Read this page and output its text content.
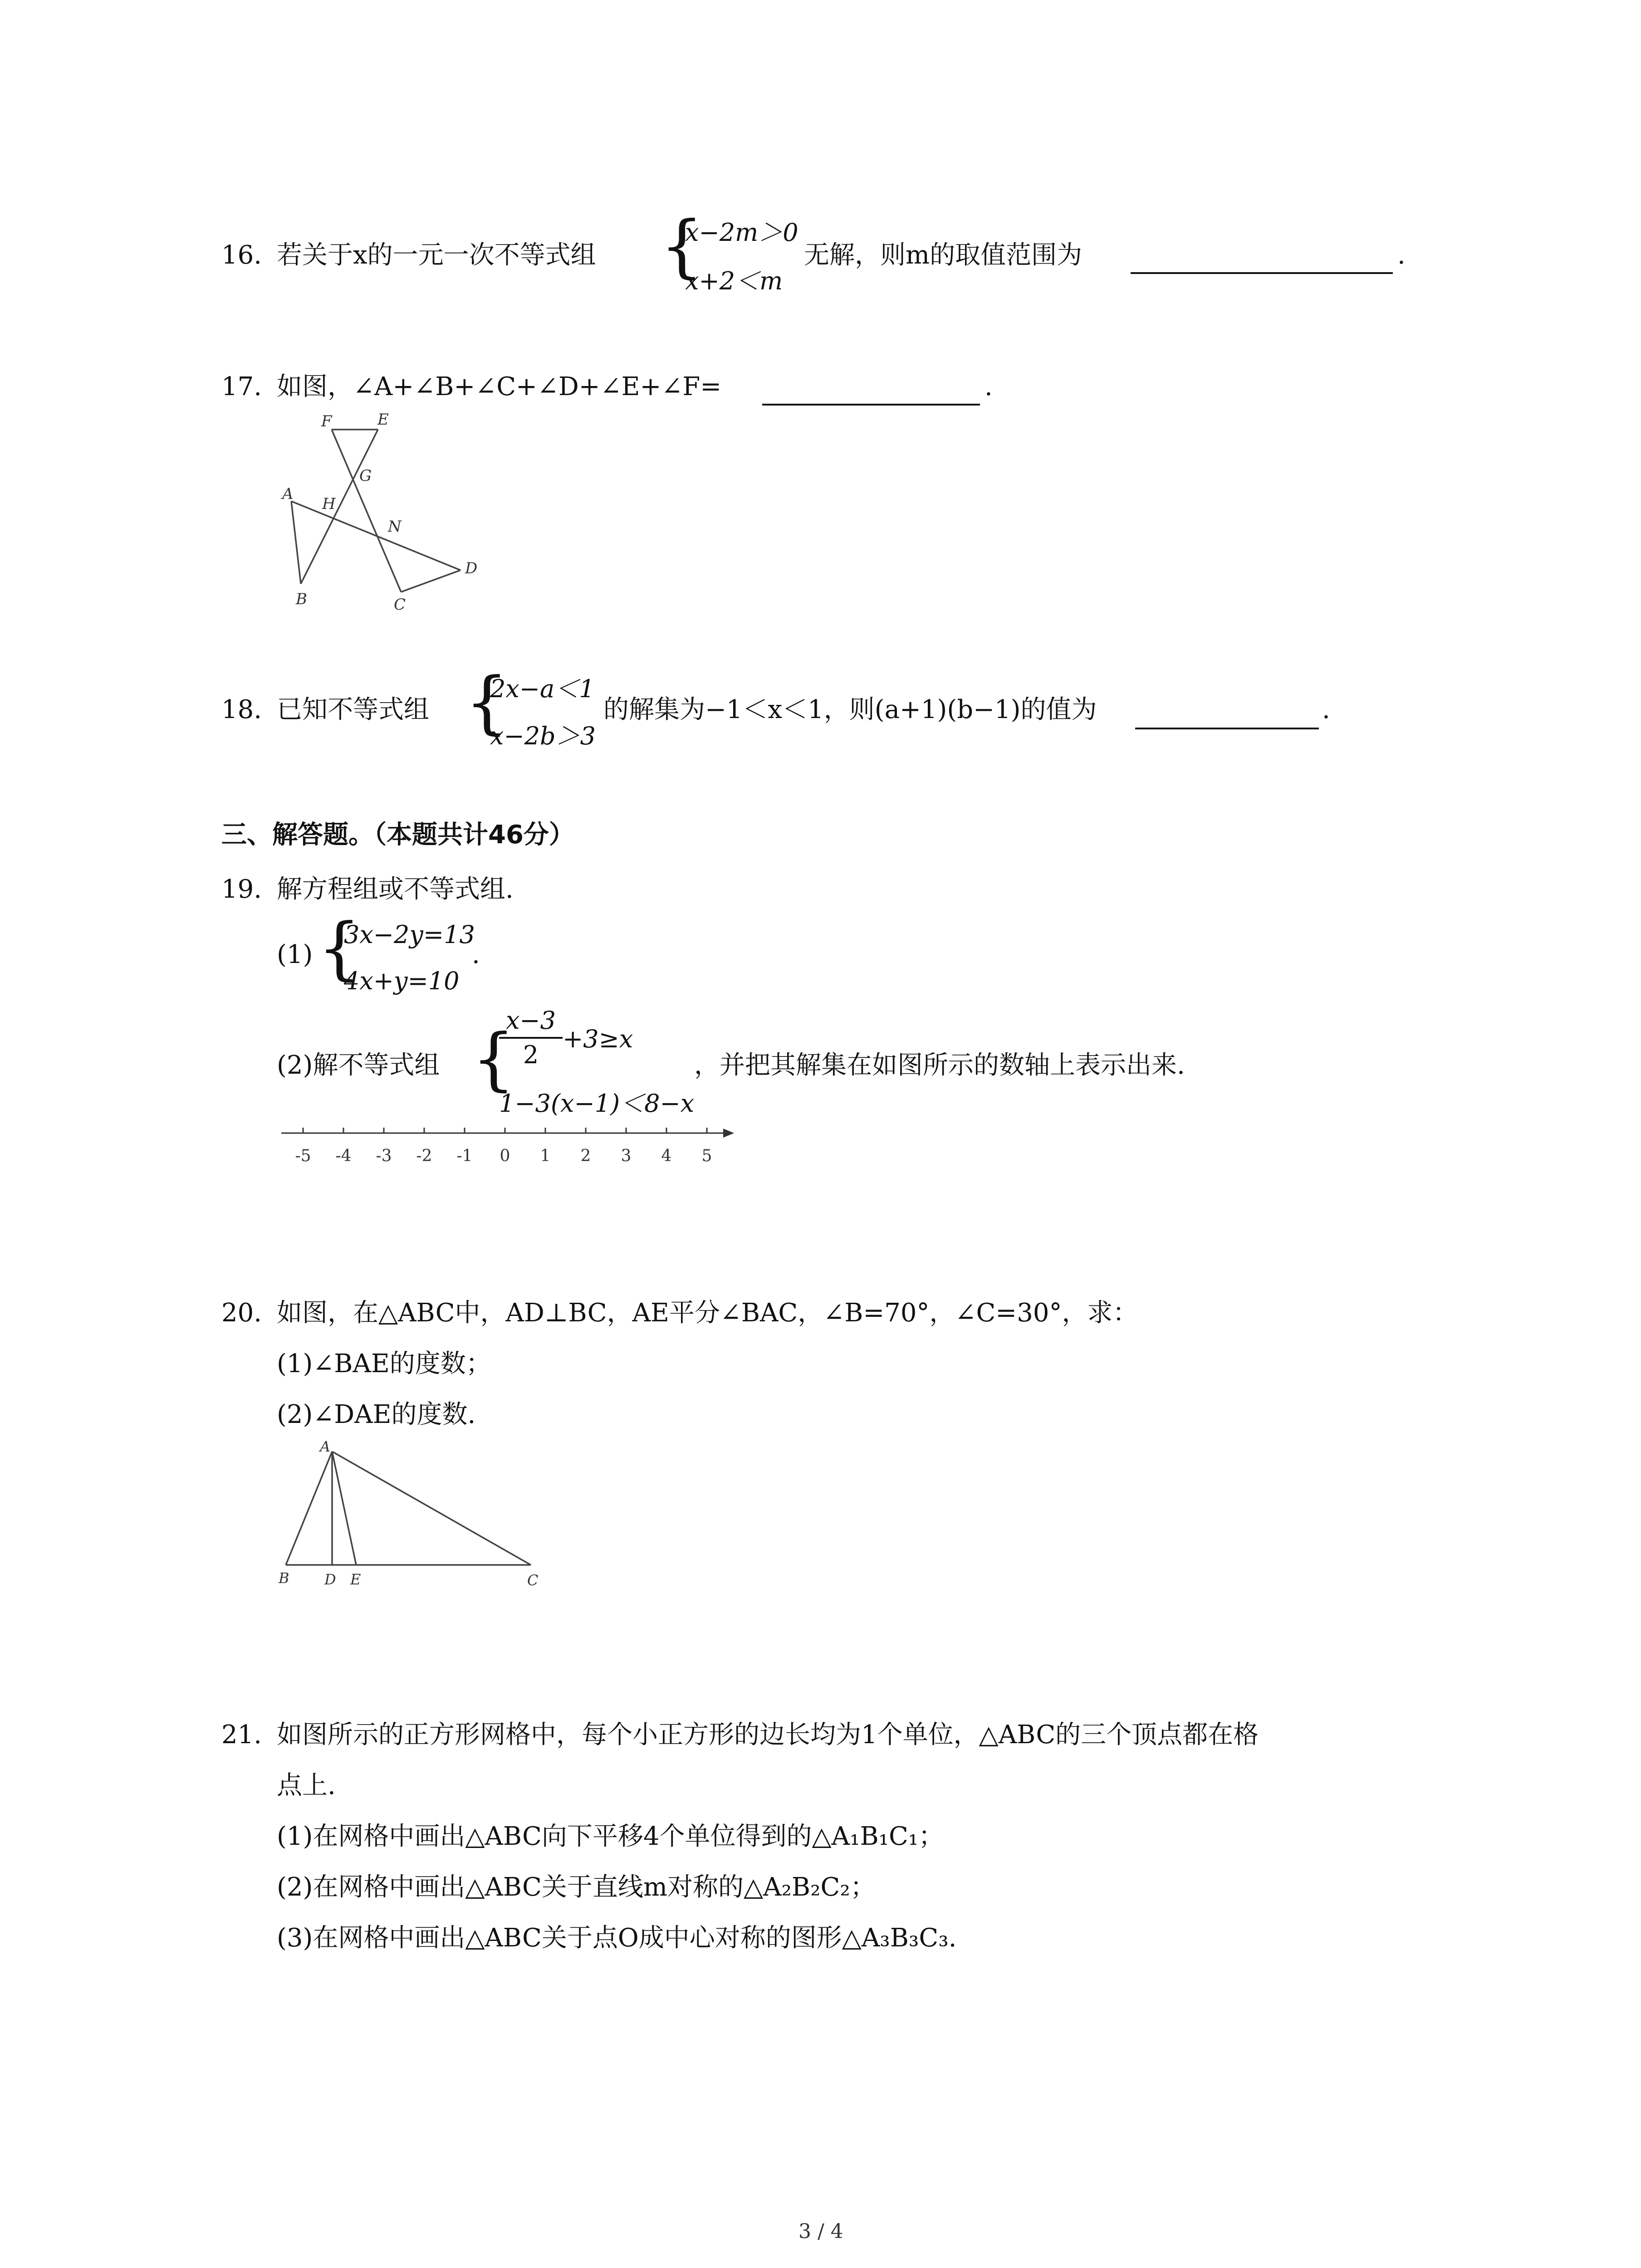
16. 若关于x的一元一次不等式组 {
x−2m＞0
x+2＜m
无解，则m的取值范围为	.
17. 如图，∠A+∠B+∠C+∠D+∠E+∠F=	.
F	E
G
A
H
N
D
B	C
18. 已知不等式组 {
2x−a＜1
x−2b＞3
的解集为−1＜x＜1，则(a+1)(b−1)的值为	.
三、解答题。（本题共计46分）
19. 解方程组或不等式组.
(1) {
3x−2y=13
4x+y=10
.
(2)解不等式组 {
x−3
2
+3≥x
1−3(x−1)＜8−x
，并把其解集在如图所示的数轴上表示出来.
-5 -4 -3 -2 -1 0 1 2 3 4 5
20. 如图，在△ABC中，AD⊥BC，AE平分∠BAC，∠B=70°，∠C=30°，求：
(1)∠BAE的度数；
(2)∠DAE的度数.
A
B D E	C
21. 如图所示的正方形网格中，每个小正方形的边长均为1个单位，△ABC的三个顶点都在格
点上.
(1)在网格中画出△ABC向下平移4个单位得到的△A₁B₁C₁；
(2)在网格中画出△ABC关于直线m对称的△A₂B₂C₂；
(3)在网格中画出△ABC关于点O成中心对称的图形△A₃B₃C₃.
3 / 4
